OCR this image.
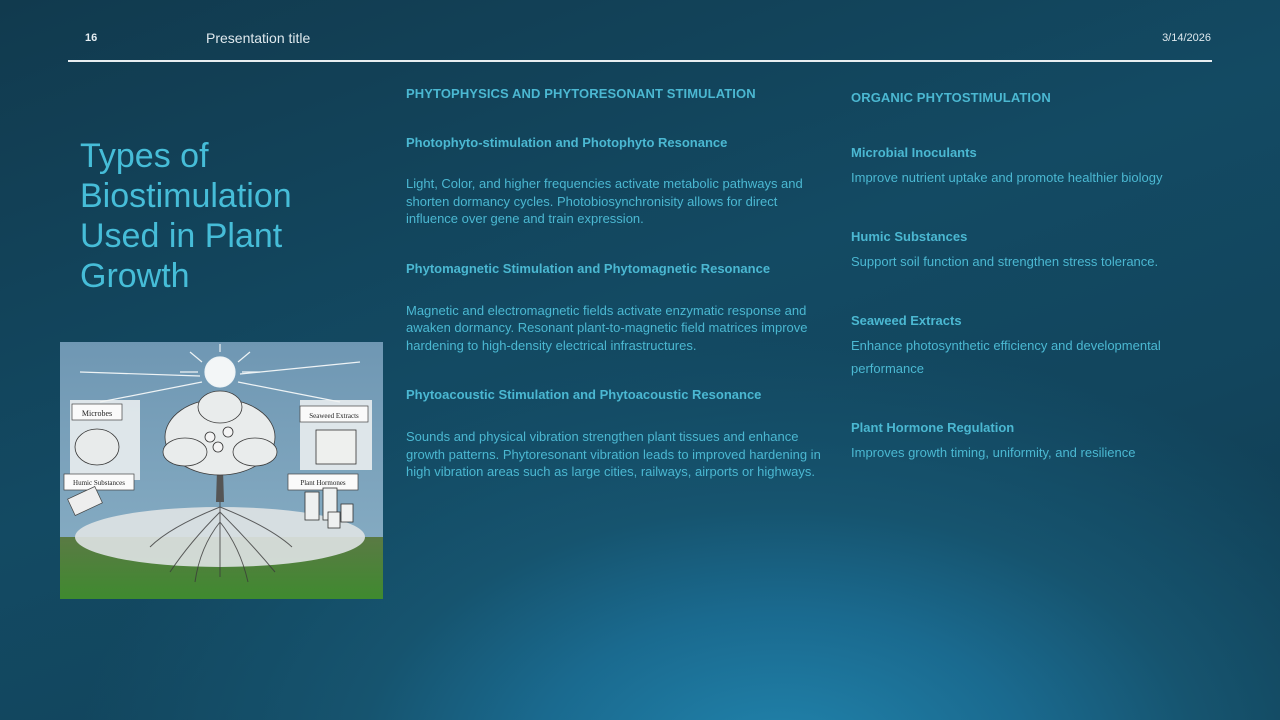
16	Presentation title	3/14/2026
Types of
Biostimulation
Used in Plant
Growth
Microbes
Humic Substances
Seaweed Extracts
Plant Hormones
PHYTOPHYSICS AND PHYTORESONANT STIMULATION
Photophyto-stimulation and Photophyto Resonance
Light, Color, and higher frequencies activate metabolic pathways and shorten dormancy cycles. Photobiosynchronisity allows for direct influence over gene and train expression.
Phytomagnetic Stimulation and Phytomagnetic Resonance
Magnetic and electromagnetic fields activate enzymatic response and awaken dormancy. Resonant plant-to-magnetic field matrices improve hardening to high-density electrical infrastructures.
Phytoacoustic Stimulation and Phytoacoustic Resonance
Sounds and physical vibration strengthen plant tissues and enhance growth patterns. Phytoresonant vibration leads to improved hardening in high vibration areas such as large cities, railways, airports or highways.
ORGANIC PHYTOSTIMULATION
Microbial Inoculants
Improve nutrient uptake and promote healthier biology
Humic Substances
Support soil function and strengthen stress tolerance.
Seaweed Extracts
Enhance photosynthetic efficiency and developmental performance
Plant Hormone Regulation
Improves growth timing, uniformity, and resilience
